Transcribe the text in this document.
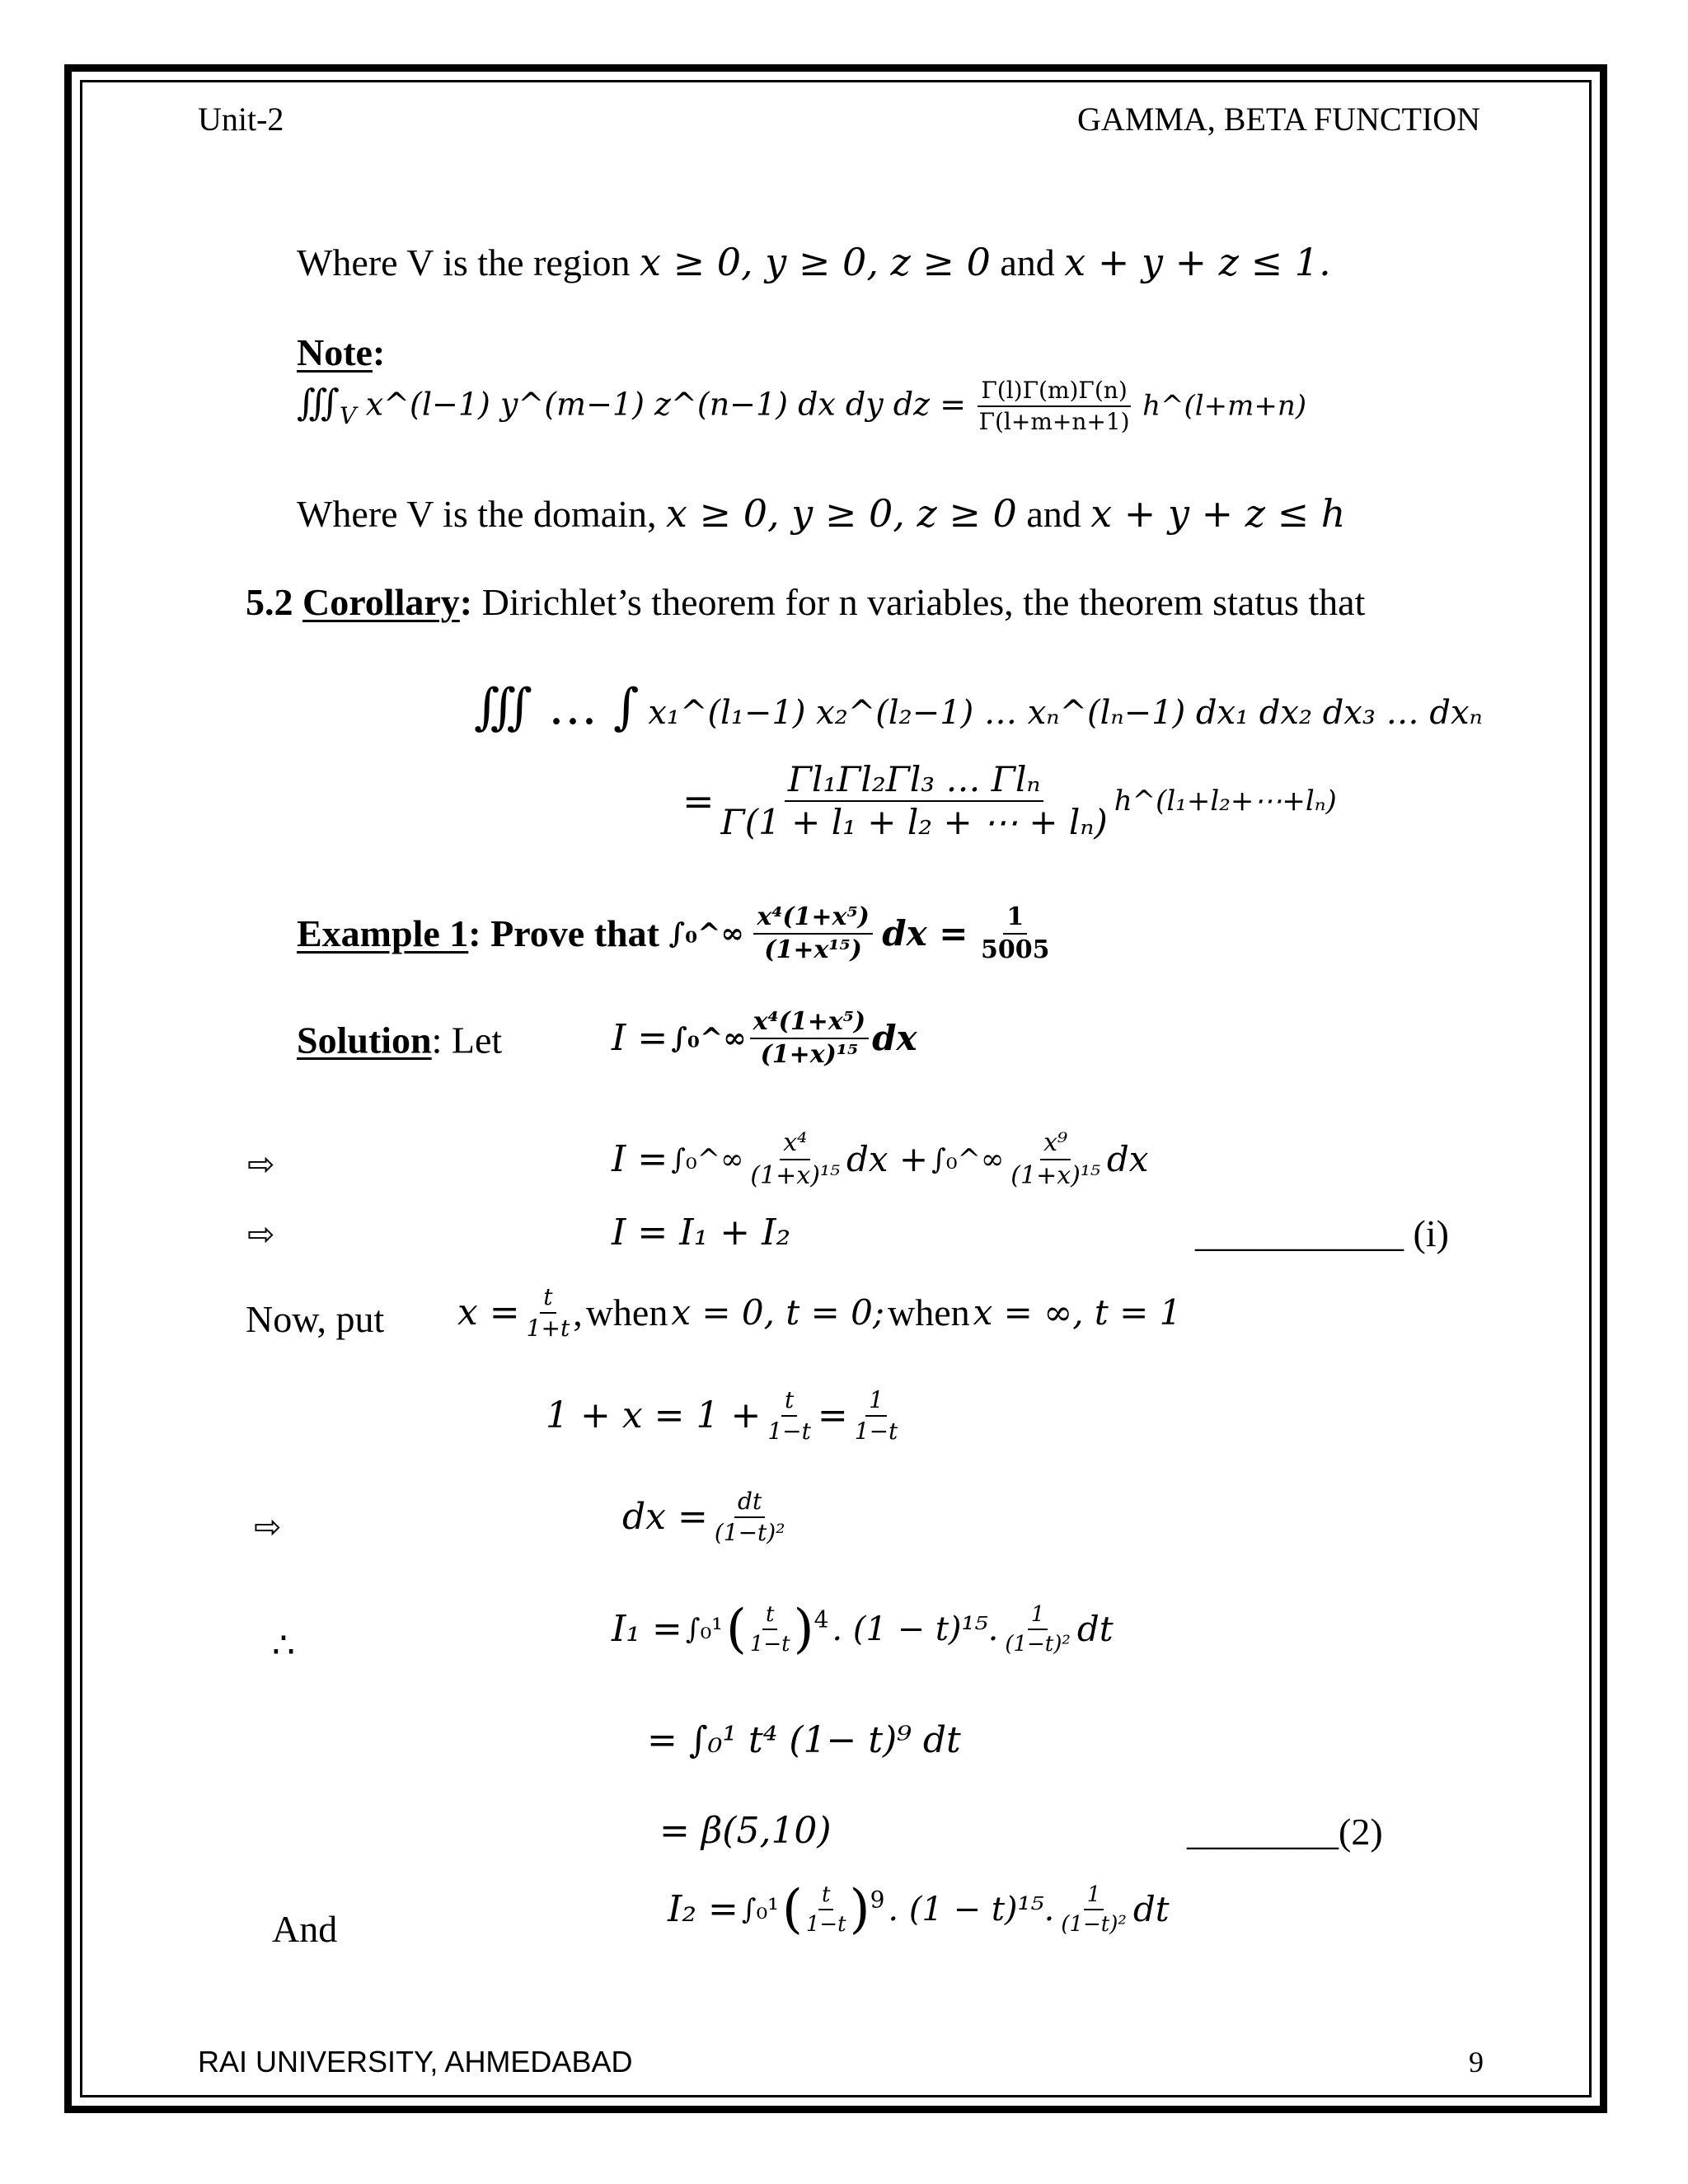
Unit-2	GAMMA, BETA FUNCTION
Where V is the region x ≥ 0, y ≥ 0, z ≥ 0 and x + y + z ≤ 1.
Note:
$∭_V$ x^(l−1) y^(m−1) z^(n−1) dx dy dz = $\frac{\Gamma(l)\Gamma(m)\Gamma(n)}{\Gamma(l+m+n+1)}$ h^(l+m+n)
Where V is the domain, x ≥ 0, y ≥ 0, z ≥ 0 and x + y + z ≤ h
5.2 Corollary: Dirichlet’s theorem for n variables, the theorem status that
∭ … ∫ x₁^(l₁−1) x₂^(l₂−1) … xₙ^(lₙ−1) dx₁ dx₂ dx₃ … dxₙ
= $\frac{\text{Γl₁Γl₂Γl₃ … Γlₙ}}{\text{Γ(1 + l₁ + l₂ + ⋯ + lₙ)}}$ h^(l₁+l₂+⋯+lₙ)
Example 1: Prove that ∫₀^∞ $\frac{\text{x⁴(1+x⁵)}}{\text{(1+x¹⁵)}}$ dx = $\frac{1}{5005}$
Solution: Let	I = ∫₀^∞ $\frac{\text{x⁴(1+x⁵)}}{\text{(1+x)¹⁵}}$ dx
⇨	I = ∫₀^∞ $\frac{\text{x⁴}}{\text{(1+x)¹⁵}}$ dx + ∫₀^∞ $\frac{\text{x⁹}}{\text{(1+x)¹⁵}}$ dx
⇨	I = I₁ + I₂	___________ (i)
Now, put $x = \frac{t}{1+t}$ , when x = 0, t = 0; when x = ∞, t = 1
$1 + x = 1 + \frac{t}{1-t} = \frac{1}{1-t}$
⇨	dx = $\frac{dt}{\text{(1−t)²}}$
∴	I₁ = ∫₀¹ ( $\frac{t}{1-t} )^4$ . (1 − t)¹⁵. $\frac{1}{\text{(1−t)²}}$ dt
= ∫₀¹ t⁴ (1− t)⁹ dt
= β(5,10)	________(2)
And	I₂ = ∫₀¹ ( $\frac{t}{1-t} )^9$ . (1 − t)¹⁵. $\frac{1}{\text{(1−t)²}}$ dt
RAI UNIVERSITY, AHMEDABAD	9
